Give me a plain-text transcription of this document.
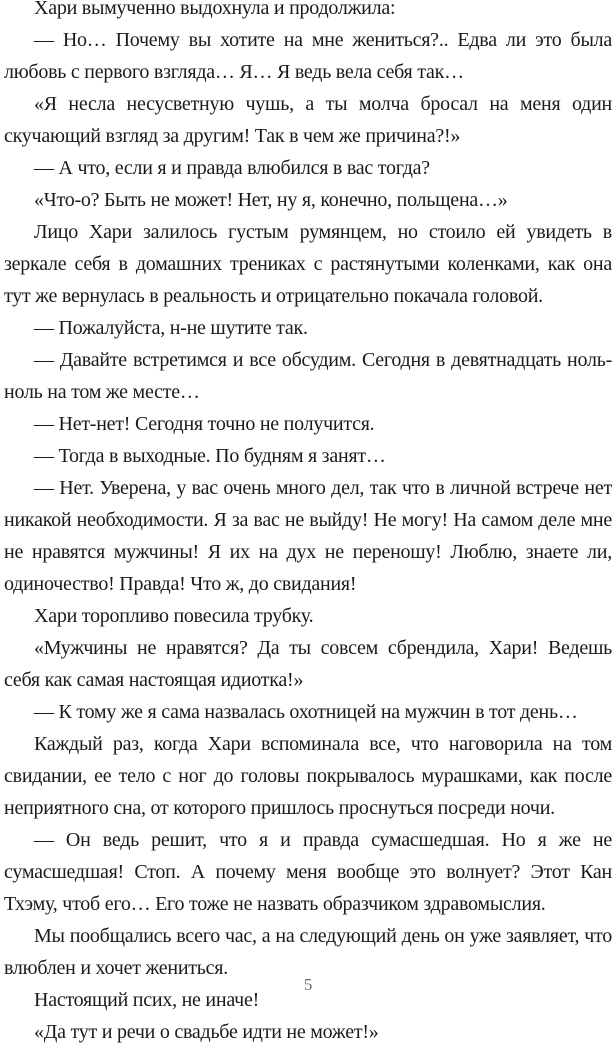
Хари вымученно выдохнула и продолжила:

— Но… Почему вы хотите на мне жениться?.. Едва ли это была любовь с первого взгляда… Я… Я ведь вела себя так…

«Я несла несусветную чушь, а ты молча бросал на меня один скучающий взгляд за другим! Так в чем же причина?!»

— А что, если я и правда влюбился в вас тогда?

«Что-о? Быть не может! Нет, ну я, конечно, польщена…»

Лицо Хари залилось густым румянцем, но стоило ей увидеть в зеркале себя в домашних трениках с растянутыми коленками, как она тут же вернулась в реальность и отрицательно покачала головой.

— Пожалуйста, н-не шутите так.

— Давайте встретимся и все обсудим. Сегодня в девятнадцать ноль-ноль на том же месте…

— Нет-нет! Сегодня точно не получится.

— Тогда в выходные. По будням я занят…

— Нет. Уверена, у вас очень много дел, так что в личной встрече нет никакой необходимости. Я за вас не выйду! Не могу! На самом деле мне не нравятся мужчины! Я их на дух не переношу! Люблю, знаете ли, одиночество! Правда! Что ж, до свидания!

Хари торопливо повесила трубку.

«Мужчины не нравятся? Да ты совсем сбрендила, Хари! Ведешь себя как самая настоящая идиотка!»

— К тому же я сама назвалась охотницей на мужчин в тот день…

Каждый раз, когда Хари вспоминала все, что наговорила на том свидании, ее тело с ног до головы покрывалось мурашками, как после неприятного сна, от которого пришлось проснуться посреди ночи.

— Он ведь решит, что я и правда сумасшедшая. Но я же не сумасшедшая! Стоп. А почему меня вообще это волнует? Этот Кан Тхэму, чтоб его… Его тоже не назвать образчиком здравомыслия.

Мы пообщались всего час, а на следующий день он уже заявляет, что влюблен и хочет жениться.

Настоящий псих, не иначе!

«Да тут и речи о свадьбе идти не может!»

5
